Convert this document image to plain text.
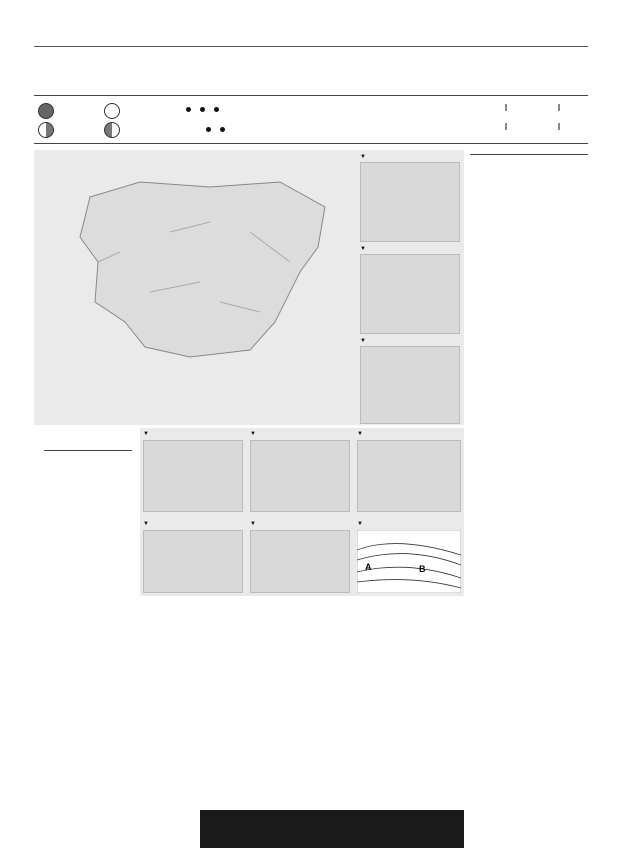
▼
▼
▼
▼
▼
▼
▼
▼
▼
A	B
